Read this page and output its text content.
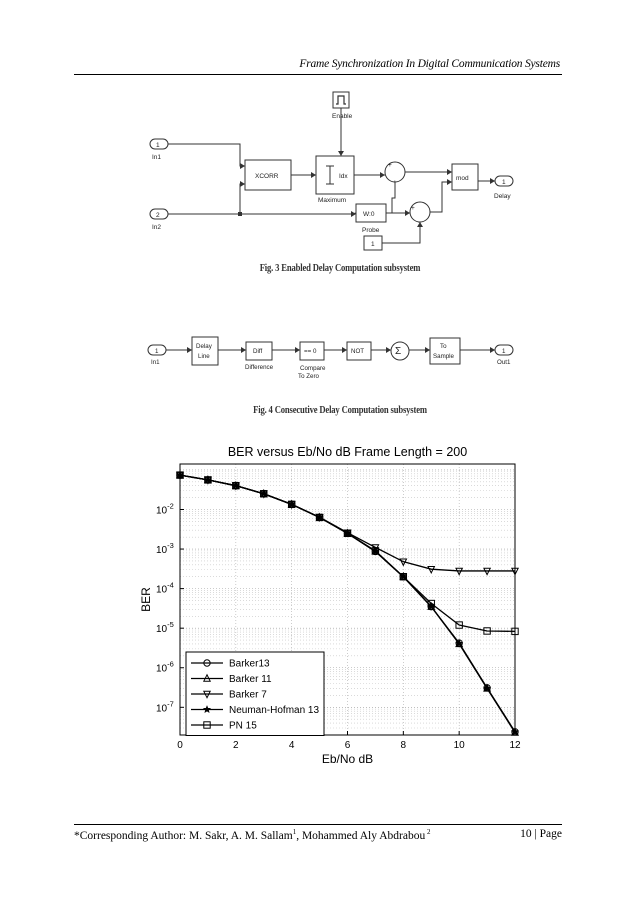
Frame Synchronization In Digital Communication Systems
Enable
1
In1
2
In2
XCORR	Idx
Maximum
W:0
Probe
1
+
+
+
-
mod
1
Delay
Fig. 3 Enabled Delay Computation subsystem
1
In1
Delay
Line
Diff
Difference
== 0
Compare
To Zero
NOT	Σ	To
Sample
1
Out1
Fig. 4 Consecutive Delay Computation subsystem
0	2	4	6	8	10	12
$10^{-2}$
$10^{-3}$
$10^{-4}$
$10^{-5}$
$10^{-6}$
$10^{-7}$
BER versus Eb/No dB Frame Length = 200
Eb/No dB
BER
Barker13
Barker 11
Barker 7
Neuman-Hofman 13
PN 15
*Corresponding Author: M. Sakr, A. M. Sallam$^1$, Mohammed Aly Abdrabou $^2$	10 | Page
